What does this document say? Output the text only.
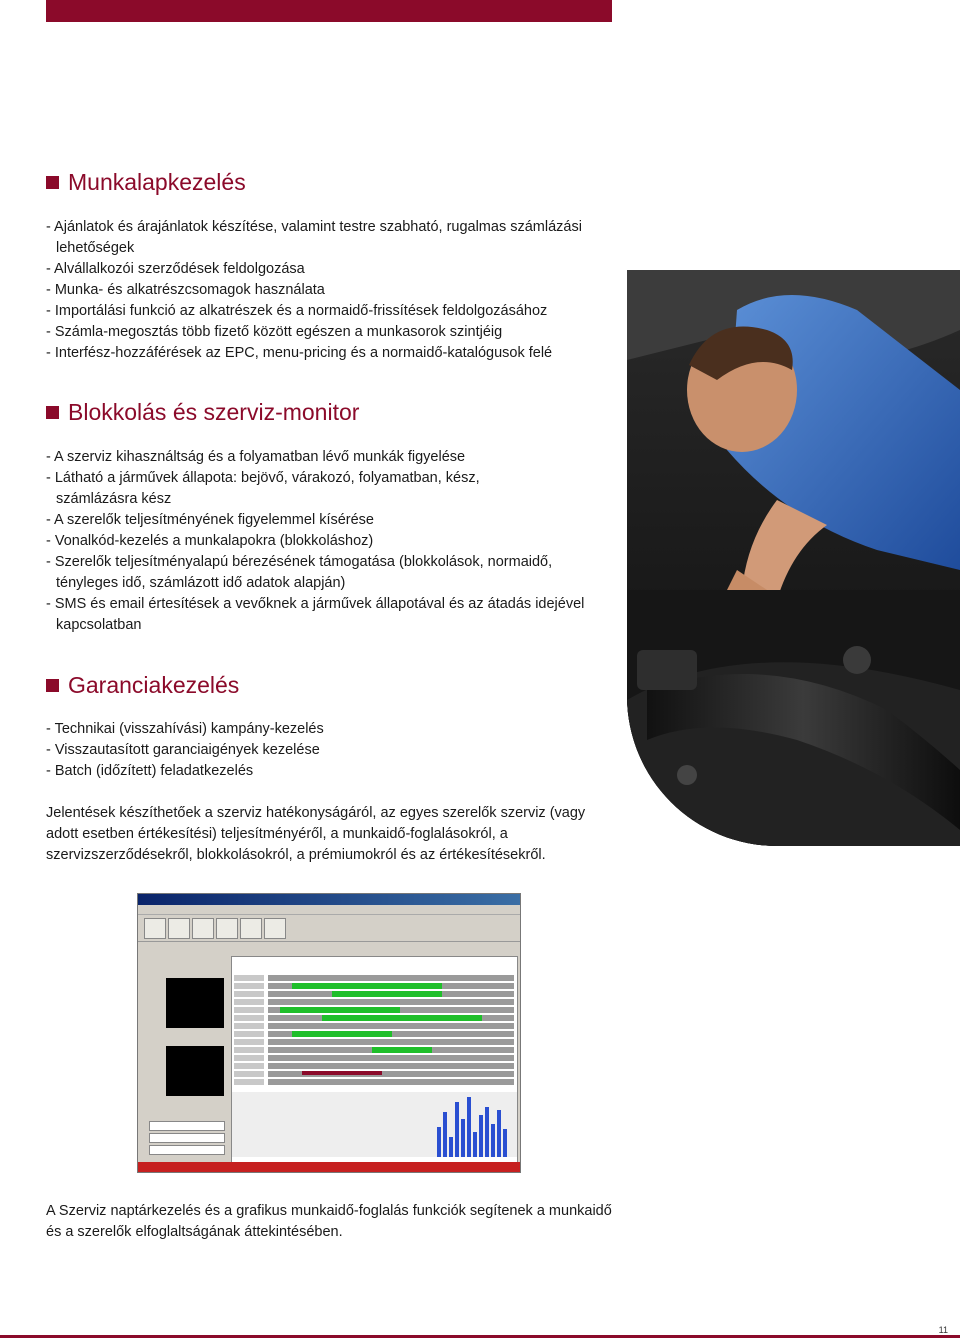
Munkalapkezelés
- Ajánlatok és árajánlatok készítése, valamint testre szabható, rugalmas számlázási lehetőségek
- Alvállalkozói szerződések feldolgozása
- Munka- és alkatrészcsomagok használata
- Importálási funkció az alkatrészek és a normaidő-frissítések feldolgozásához
- Számla-megosztás több fizető között egészen a munkasorok szintjéig
- Interfész-hozzáférések az EPC, menu-pricing és a normaidő-katalógusok felé
Blokkolás és szerviz-monitor
- A szerviz kihasználtság és a folyamatban lévő munkák figyelése
- Látható a járművek állapota: bejövő, várakozó, folyamatban, kész, számlázásra kész
- A szerelők teljesítményének figyelemmel kísérése
- Vonalkód-kezelés a munkalapokra (blokkoláshoz)
- Szerelők teljesítményalapú bérezésének támogatása (blokkolások, normaidő, tényleges idő, számlázott idő adatok alapján)
- SMS és email értesítések a vevőknek a járművek állapotával és az átadás idejével kapcsolatban
Garanciakezelés
- Technikai (visszahívási) kampány-kezelés
- Visszautasított garanciaigények kezelése
- Batch (időzített) feladatkezelés

Jelentések készíthetőek a szerviz hatékonyságáról, az egyes szerelők szerviz (vagy adott esetben értékesítési) teljesítményéről, a munkaidő-foglalásokról, a szervizszerződésekről, blokkolásokról, a prémiumokról és az értékesítésekről.

A Szerviz naptárkezelés és a grafikus munkaidő-foglalás funkciók segítenek a munkaidő és a szerelők elfoglaltságának áttekintésében.

11
